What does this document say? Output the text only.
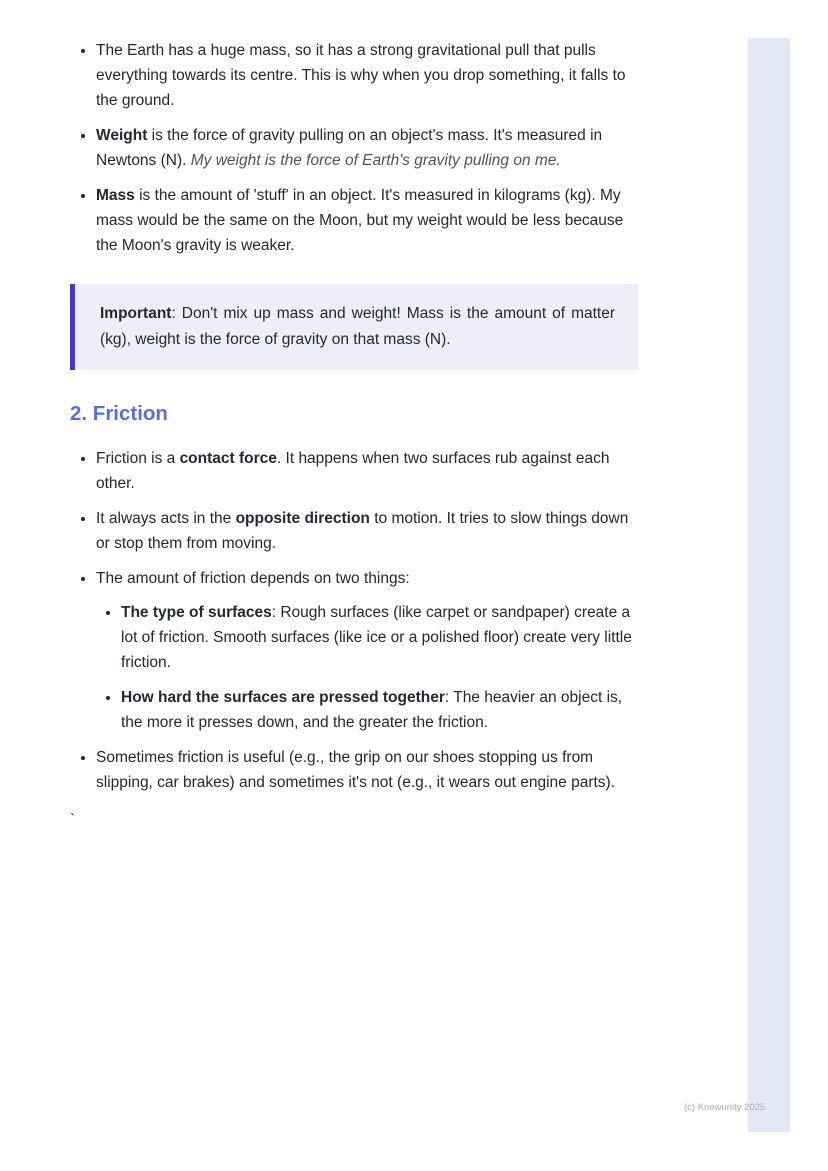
• The Earth has a huge mass, so it has a strong gravitational pull that pulls everything towards its centre. This is why when you drop something, it falls to the ground.
• Weight is the force of gravity pulling on an object's mass. It's measured in Newtons (N). My weight is the force of Earth's gravity pulling on me.
• Mass is the amount of 'stuff' in an object. It's measured in kilograms (kg). My mass would be the same on the Moon, but my weight would be less because the Moon's gravity is weaker.
Important: Don't mix up mass and weight! Mass is the amount of matter (kg), weight is the force of gravity on that mass (N).
2. Friction
• Friction is a contact force. It happens when two surfaces rub against each other.
• It always acts in the opposite direction to motion. It tries to slow things down or stop them from moving.
• The amount of friction depends on two things:
• The type of surfaces: Rough surfaces (like carpet or sandpaper) create a lot of friction. Smooth surfaces (like ice or a polished floor) create very little friction.
• How hard the surfaces are pressed together: The heavier an object is, the more it presses down, and the greater the friction.
• Sometimes friction is useful (e.g., the grip on our shoes stopping us from slipping, car brakes) and sometimes it's not (e.g., it wears out engine parts).
`
(c) Knowunity 2025
